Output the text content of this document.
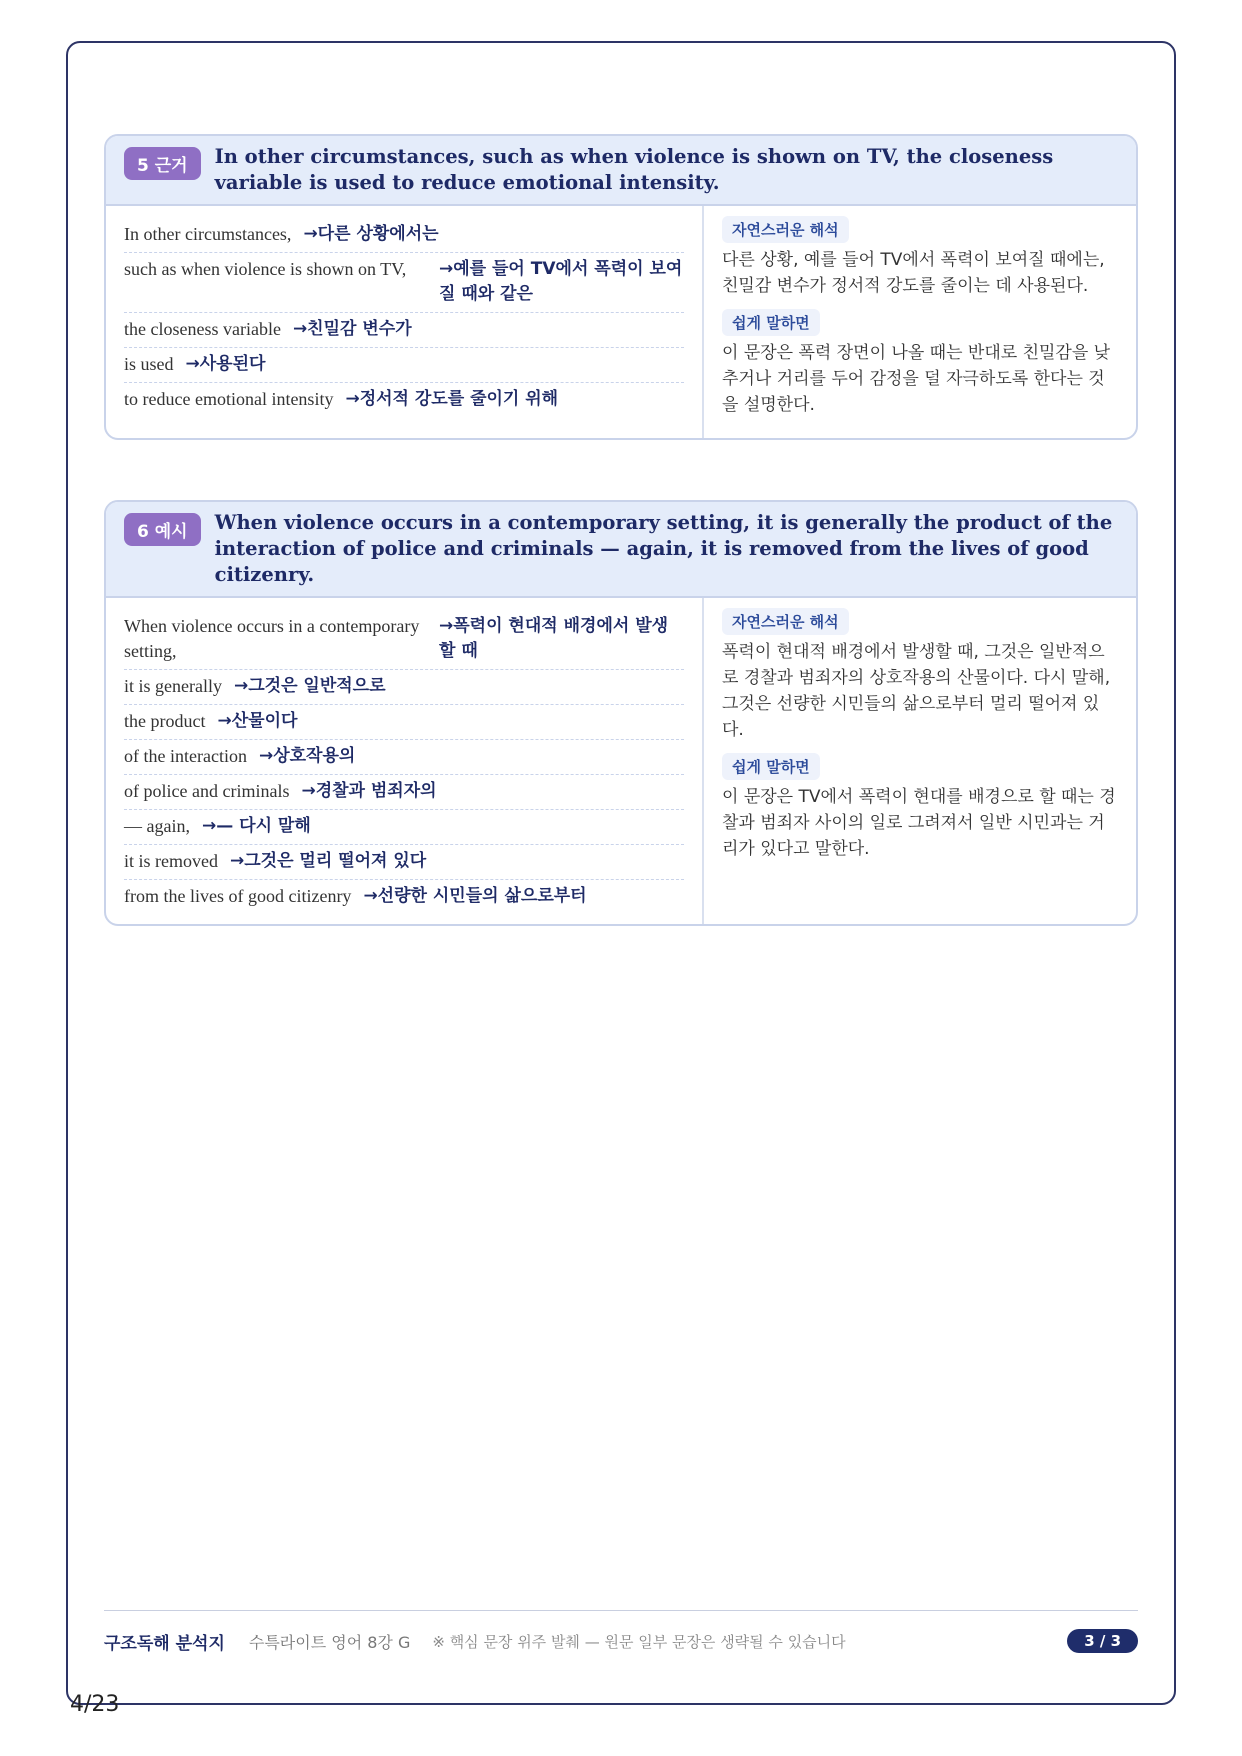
5 근거	In other circumstances, such as when violence is shown on TV, the closeness variable is used to reduce emotional intensity.
In other circumstances, →다른 상황에서는
such as when violence is shown on TV,	→예를 들어 TV에서 폭력이 보여질 때와 같은
the closeness variable →친밀감 변수가
is used →사용된다
to reduce emotional intensity →정서적 강도를 줄이기 위해
자연스러운 해석

다른 상황, 예를 들어 TV에서 폭력이 보여질 때에는, 친밀감 변수가 정서적 강도를 줄이는 데 사용된다.

쉽게 말하면

이 문장은 폭력 장면이 나올 때는 반대로 친밀감을 낮추거나 거리를 두어 감정을 덜 자극하도록 한다는 것을 설명한다.

6 예시	When violence occurs in a contemporary setting, it is generally the product of the interaction of police and criminals — again, it is removed from the lives of good citizenry.
When violence occurs in a contemporary setting,
→폭력이 현대적 배경에서 발생할 때
it is generally →그것은 일반적으로
the product →산물이다
of the interaction →상호작용의
of police and criminals →경찰과 범죄자의
— again, →— 다시 말해
it is removed →그것은 멀리 떨어져 있다
from the lives of good citizenry →선량한 시민들의 삶으로부터
자연스러운 해석

폭력이 현대적 배경에서 발생할 때, 그것은 일반적으로 경찰과 범죄자의 상호작용의 산물이다. 다시 말해, 그것은 선량한 시민들의 삶으로부터 멀리 떨어져 있다.

쉽게 말하면

이 문장은 TV에서 폭력이 현대를 배경으로 할 때는 경찰과 범죄자 사이의 일로 그려져서 일반 시민과는 거리가 있다고 말한다.

구조독해 분석지 수특라이트 영어 8강 G ※ 핵심 문장 위주 발췌 — 원문 일부 문장은 생략될 수 있습니다	3 / 3
4/23
